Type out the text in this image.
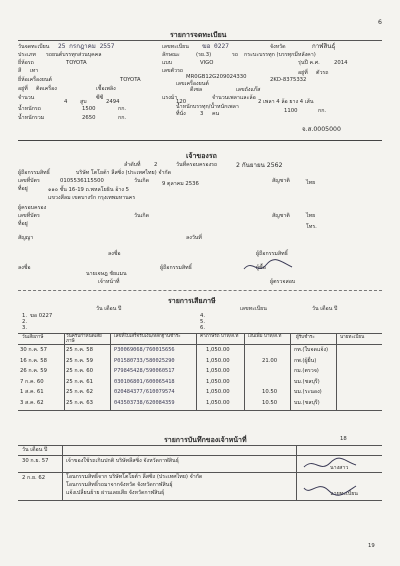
6
รายการจดทะเบียน
วันจดทะเบียน 25 กรกฎาคม 2557	เลขทะเบียน ฆอ 0227	จังหวัด	กาฬสินธุ์
ประเภท รถยนต์บรรทุกส่วนบุคคล	ลักษณะ	(รย.3)	รถ กระบะบรรทุก (บรรทุกมีหลังคา)
ยี่ห้อรถ	TOYOTA	แบบ	VIGO	รุ่นปี ค.ศ.	2014
สี เทา	เลขตัวรถ
MR0GB12G209024330
อยู่ที่ ตัวรถ
ยี่ห้อเครื่องยนต์	TOYOTA
เลขเครื่องยนต์
2KD-8375332
อยู่ที่ ติดเครื่อง	เชื้อเพลิง	ดีเซล	เลขถังแก๊ส
จำนวน
4 สูบ
ซีซี
2494
แรงม้า
120
จำนวนเพลาและล้อ
2 เพลา 4 ล้อ ยาง 4 เส้น
น้ำหนักรถ	1500	กก.	น้ำหนักบรรทุก/น้ำหนักเพลา
1100	กก.
ที่นั่ง	3 คน
น้ำหนักรวม	2650	กก.
จ.ส.0005000
เจ้าของรถ
ลำดับที่	2	วันที่ครอบครองรถ	2 กันยายน 2562
ผู้ถือกรรมสิทธิ์	บริษัท โตโยต้า ลีสซิ่ง (ประเทศไทย) จำกัด
เลขที่บัตร	0105536115500	วันเกิด 9 ตุลาคม 2536	สัญชาติ	ไทย
ที่อยู่	๑๑๐ ชั้น 16-19 ถ.พหลโยธิน อ้าง 5
แขวงสีลม เขตบางรัก กรุงเทพมหานคร
ผู้ครอบครอง
เลขที่บัตร	วันเกิด	สัญชาติ	ไทย
ที่อยู่	โทร.
สัญญา	ลงวันที่
ลงชื่อ	ผู้ถือกรรมสิทธิ์
ลงชื่อ
นายเจษฎ ชัยแมน
ผู้ถือกรรมสิทธิ์	ผู้ซื้อ
เจ้าหน้าที่	ผู้ตรวจสอบ
รายการเสียภาษี
วัน เดือน ปี	เลขทะเบียน	วัน เดือน ปี
1. ฆอ 0227
2.
3.
4.
5.
6.
วันเสียภาษี	วันครบกำหนดเสียภาษี
เลขที่ใบเสร็จรับเงิน/หลักฐานชำระ	ค่าภาษีรถ บาท/ส.ท	เงินเพิ่ม บาท/ส.ท	ผู้รับชำระ	นายทะเบียน
30 ก.ค. 57	25 ก.ค. 58	P30069068/760015656	1,050.00	กท.(ใบจดแจ้ง)
16 ก.ค. 58	25 ก.ค. 59	P01580733/580025290	1,050.00	21.00	กพ.(ผู้ยื่น)
26 ก.ค. 59	25 ก.ค. 60	P79845428/590060517	1,050.00	กม.(ตรวจ)
7 ก.ค. 60	25 ก.ค. 61	030106801/600065418	1,050.00	บม.(ชลบุรี)
1 ส.ค. 61	25 ก.ค. 62	020484377/610079574	1,050.00	10.50	บม.(ระนอง)
3 ส.ค. 62	25 ก.ค. 63	043503738/620084359	1,050.00	10.50	บม.(ชลบุรี)
รายการบันทึกของเจ้าหน้าที่	18
วัน เดือน ปี
30 ก.ย. 57	เจ้าของใช้รถเกินปกติ บริษัทลีสซิ่ง จังหวัดกาฬสินธุ์
นางสาว
2 ก.ย. 62	โอนกรรมสิทธิ์จาก บริษัทโตโยต้า ลีสซิ่ง (ประเทศไทย) จำกัด
โอนกรรมสิทธิ์รถมาจากจังหวัด จังหวัดกาฬสินธุ์
แจ้งเปลี่ยนย้าย ผ่านเลยเสีย จังหวัดกาฬสินธุ์	นายทะเบียน
19
